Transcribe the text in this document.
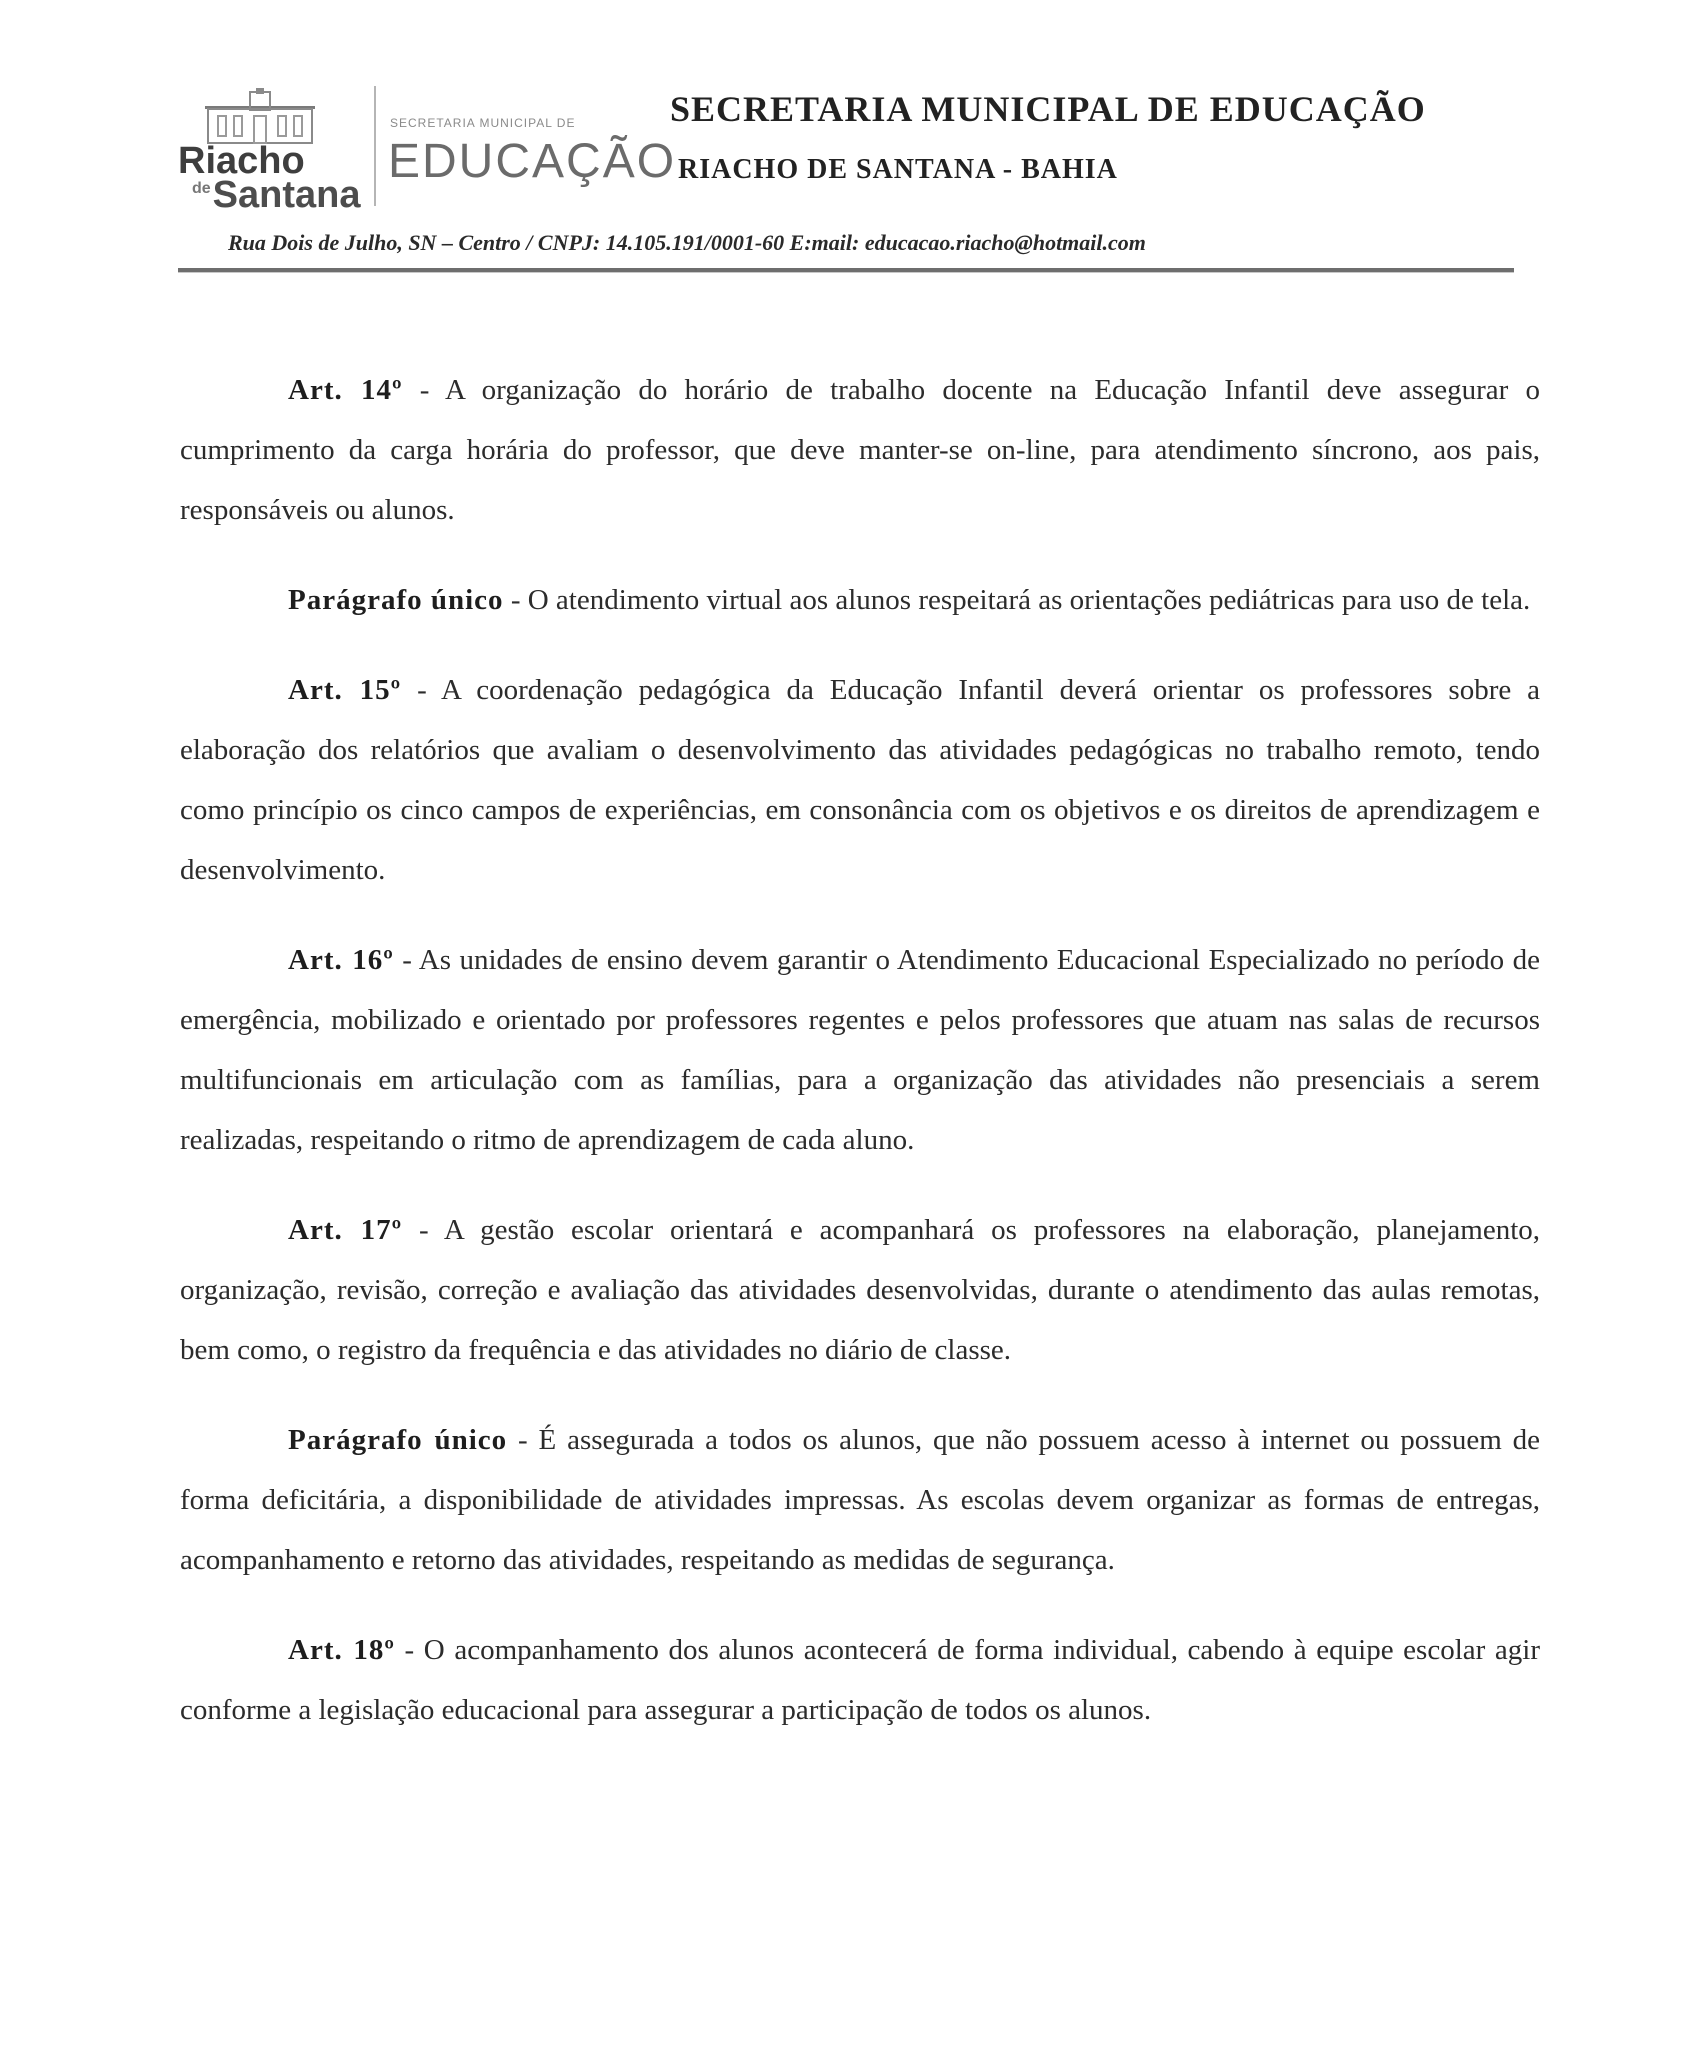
Riacho
$^{de}$Santana
SECRETARIA MUNICIPAL DE
EDUCAÇÃO
SECRETARIA MUNICIPAL DE EDUCAÇÃO
RIACHO DE SANTANA - BAHIA
Rua Dois de Julho, SN – Centro / CNPJ: 14.105.191/0001-60 E:mail: educacao.riacho@hotmail.com

Art. 14º - A organização do horário de trabalho docente na Educação Infantil deve assegurar o cumprimento da carga horária do professor, que deve manter-se on-line, para atendimento síncrono, aos pais, responsáveis ou alunos.

Parágrafo único - O atendimento virtual aos alunos respeitará as orientações pediátricas para uso de tela.

Art. 15º - A coordenação pedagógica da Educação Infantil deverá orientar os professores sobre a elaboração dos relatórios que avaliam o desenvolvimento das atividades pedagógicas no trabalho remoto, tendo como princípio os cinco campos de experiências, em consonância com os objetivos e os direitos de aprendizagem e desenvolvimento.

Art. 16º - As unidades de ensino devem garantir o Atendimento Educacional Especializado no período de emergência, mobilizado e orientado por professores regentes e pelos professores que atuam nas salas de recursos multifuncionais em articulação com as famílias, para a organização das atividades não presenciais a serem realizadas, respeitando o ritmo de aprendizagem de cada aluno.

Art. 17º - A gestão escolar orientará e acompanhará os professores na elaboração, planejamento, organização, revisão, correção e avaliação das atividades desenvolvidas, durante o atendimento das aulas remotas, bem como, o registro da frequência e das atividades no diário de classe.

Parágrafo único - É assegurada a todos os alunos, que não possuem acesso à internet ou possuem de forma deficitária, a disponibilidade de atividades impressas. As escolas devem organizar as formas de entregas, acompanhamento e retorno das atividades, respeitando as medidas de segurança.

Art. 18º - O acompanhamento dos alunos acontecerá de forma individual, cabendo à equipe escolar agir conforme a legislação educacional para assegurar a participação de todos os alunos.
